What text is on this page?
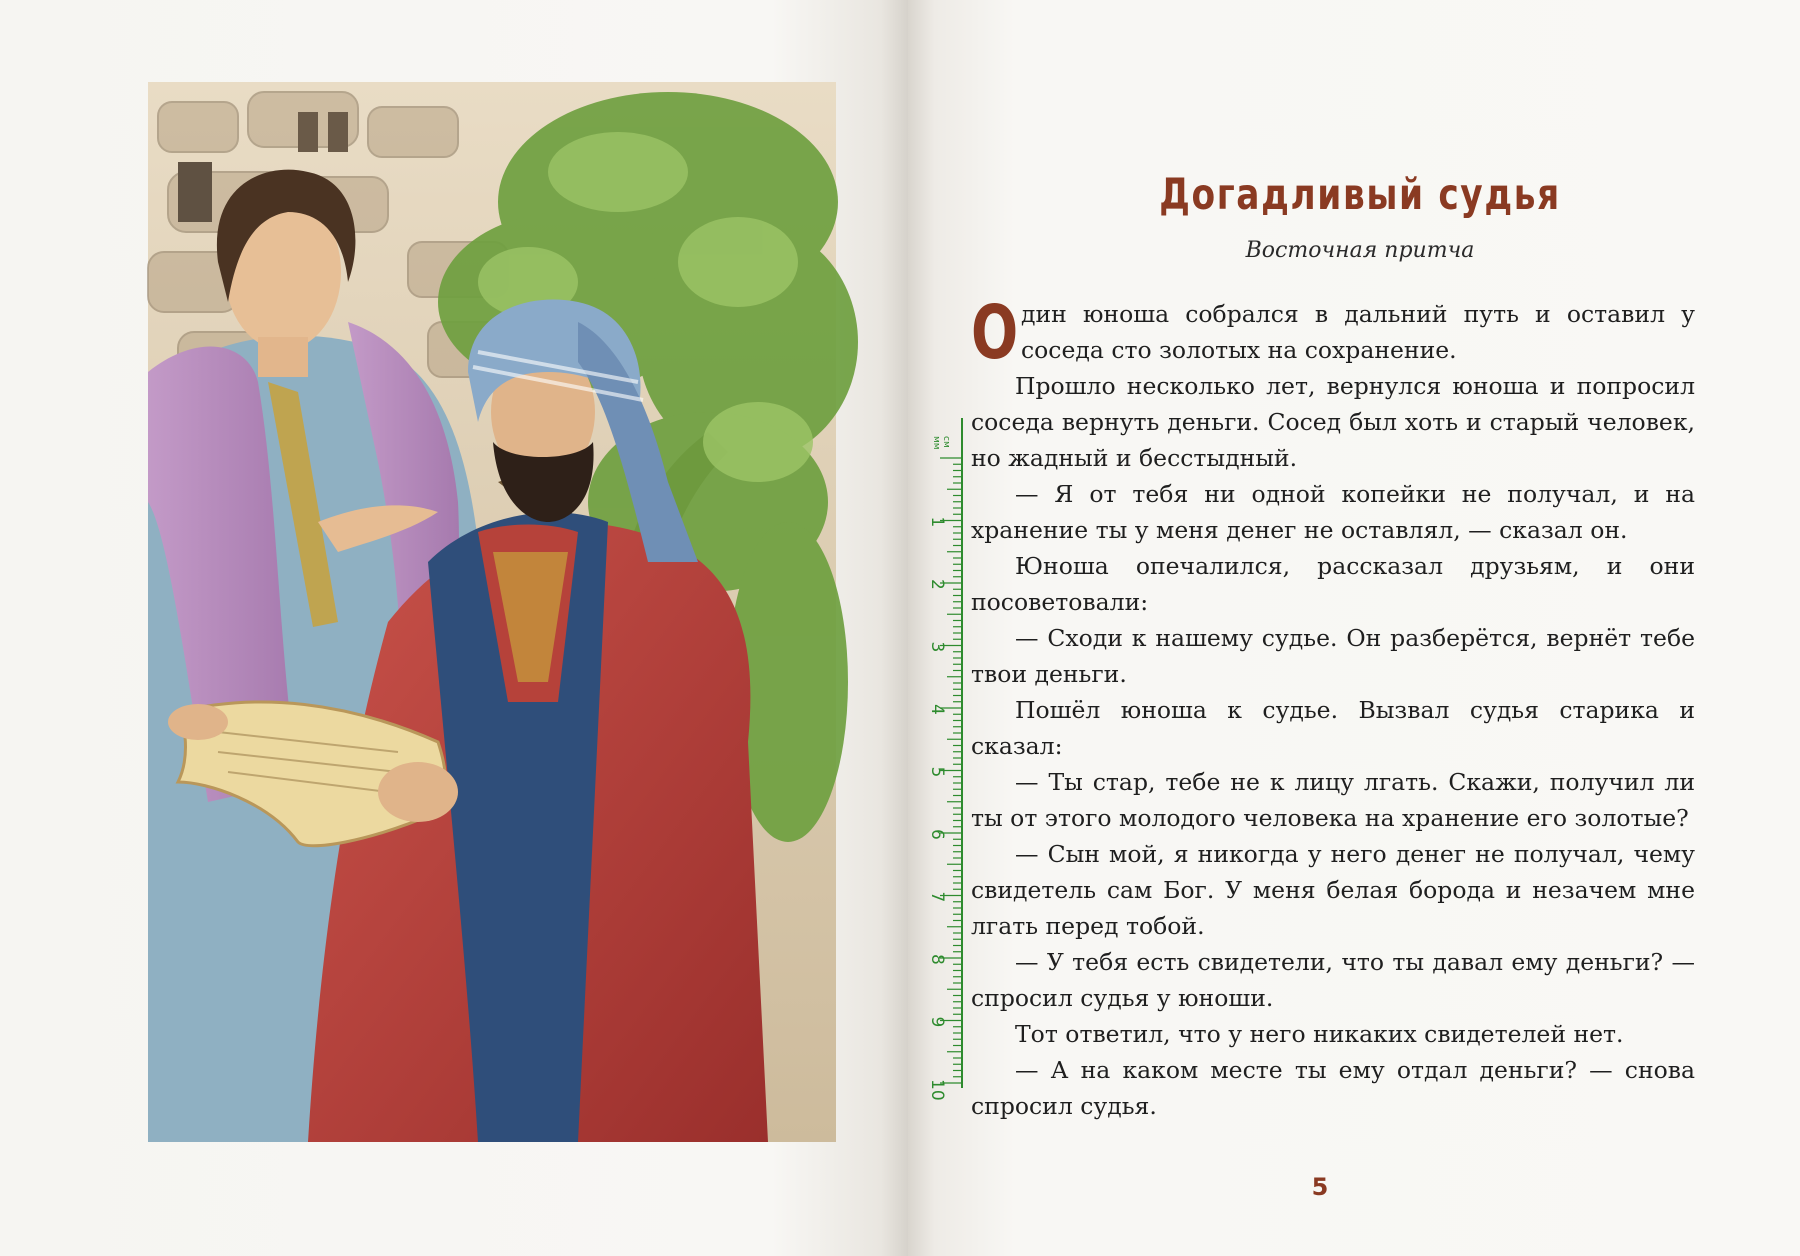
1
2
3
4
5
6
7
8
9
10
мм см
Догадливый судья
Восточная притча

Один юноша собрался в дальний путь и оставил у соседа сто золотых на сохранение.

Прошло несколько лет, вернулся юноша и попросил соседа вернуть деньги. Сосед был хоть и старый человек, но жадный и бесстыдный.

— Я от тебя ни одной копейки не получал, и на хранение ты у меня денег не оставлял, — сказал он.

Юноша опечалился, рассказал друзьям, и они посоветовали:

— Сходи к нашему судье. Он разберётся, вернёт тебе твои деньги.

Пошёл юноша к судье. Вызвал судья старика и сказал:

— Ты стар, тебе не к лицу лгать. Скажи, получил ли ты от этого молодого человека на хранение его золотые?

— Сын мой, я никогда у него денег не получал, чему свидетель сам Бог. У меня белая борода и незачем мне лгать перед тобой.

— У тебя есть свидетели, что ты давал ему деньги? — спросил судья у юноши.

Тот ответил, что у него никаких свидетелей нет.

— А на каком месте ты ему отдал деньги? — снова спросил судья.

5
